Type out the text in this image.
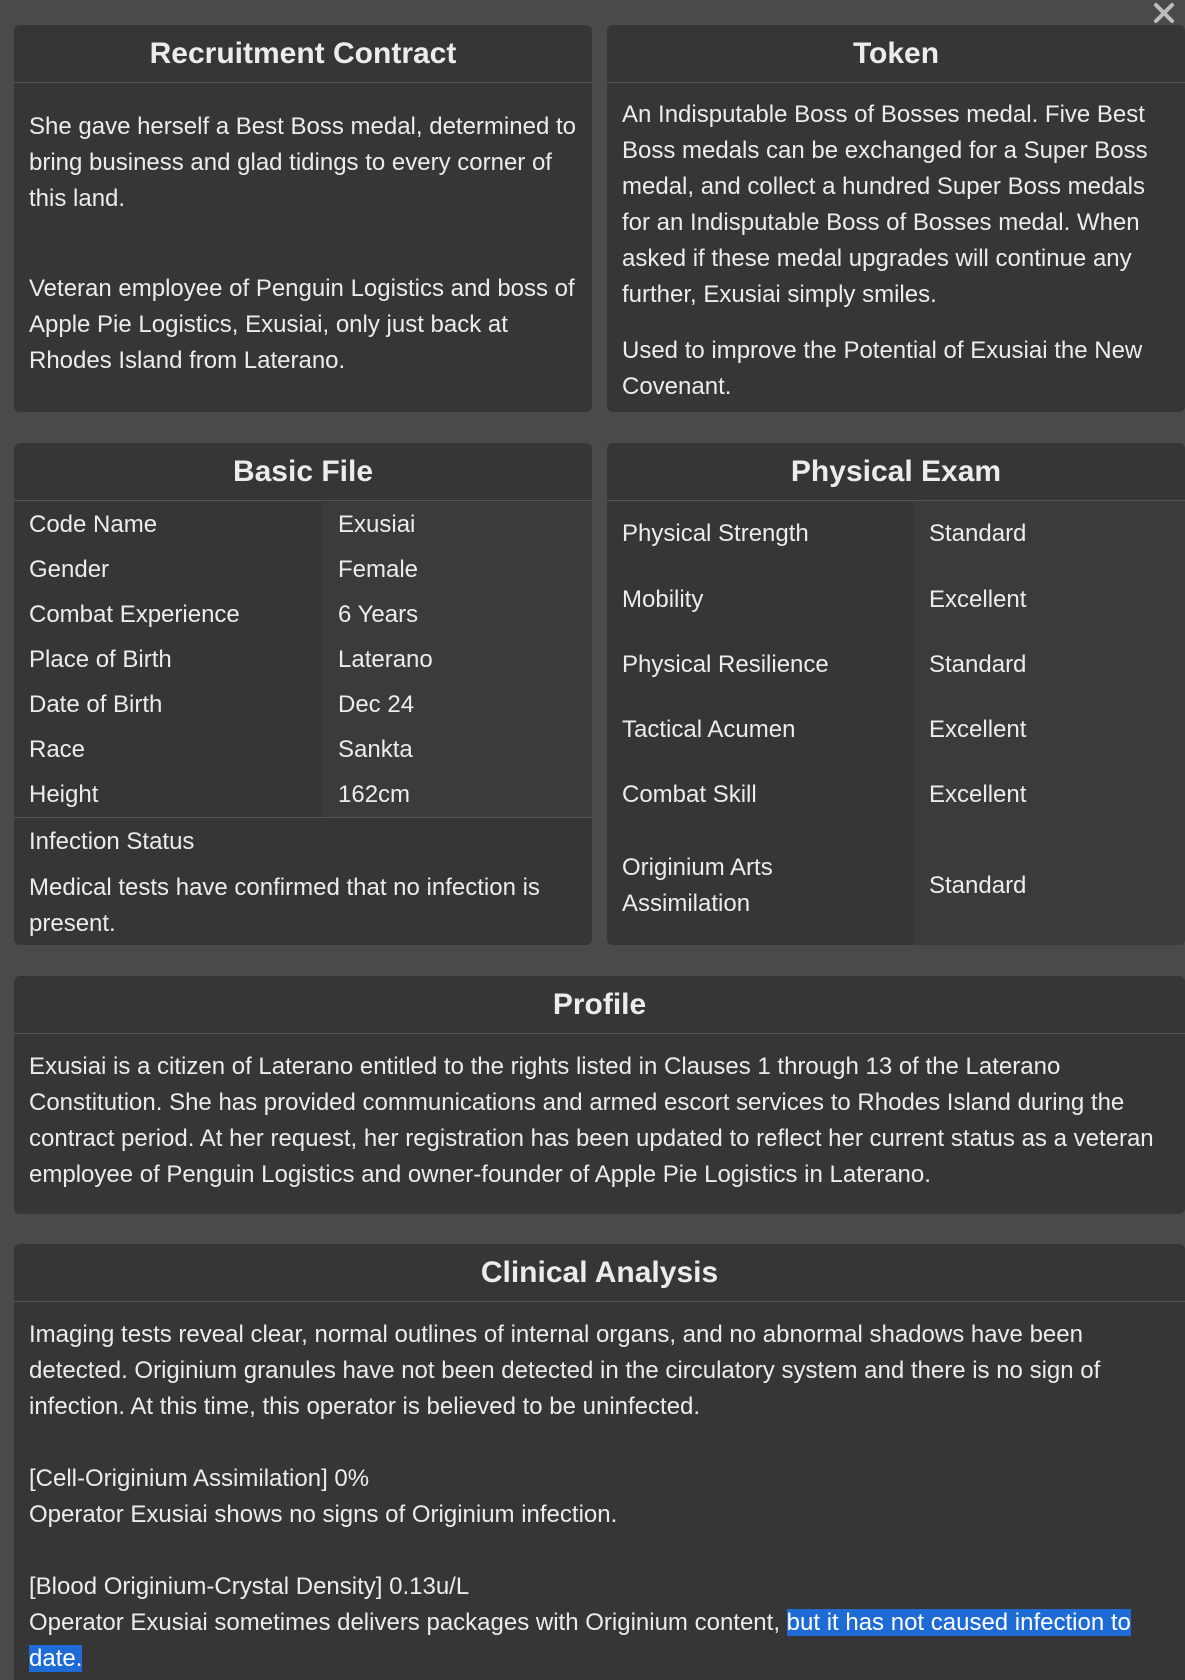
Recruitment Contract

She gave herself a Best Boss medal, determined to bring business and glad tidings to every corner of this land.

Veteran employee of Penguin Logistics and boss of Apple Pie Logistics, Exusiai, only just back at Rhodes Island from Laterano.

Token

An Indisputable Boss of Bosses medal. Five Best Boss medals can be exchanged for a Super Boss medal, and collect a hundred Super Boss medals for an Indisputable Boss of Bosses medal. When asked if these medal upgrades will continue any further, Exusiai simply smiles.

Used to improve the Potential of Exusiai the New Covenant.

Basic File
Code Name	Exusiai
Gender	Female
Combat Experience	6 Years
Place of Birth	Laterano
Date of Birth	Dec 24
Race	Sankta
Height	162cm
Infection Status

Medical tests have confirmed that no infection is present.

Physical Exam
Physical Strength	Standard
Mobility	Excellent
Physical Resilience	Standard
Tactical Acumen	Excellent
Combat Skill	Excellent
Originium Arts Assimilation
Standard
Profile

Exusiai is a citizen of Laterano entitled to the rights listed in Clauses 1 through 13 of the Laterano Constitution. She has provided communications and armed escort services to Rhodes Island during the contract period. At her request, her registration has been updated to reflect her current status as a veteran employee of Penguin Logistics and owner-founder of Apple Pie Logistics in Laterano.

Clinical Analysis

Imaging tests reveal clear, normal outlines of internal organs, and no abnormal shadows have been detected. Originium granules have not been detected in the circulatory system and there is no sign of infection. At this time, this operator is believed to be uninfected.

[Cell-Originium Assimilation] 0%

Operator Exusiai shows no signs of Originium infection.

[Blood Originium-Crystal Density] 0.13u/L

Operator Exusiai sometimes delivers packages with Originium content, but it has not caused infection to date.
